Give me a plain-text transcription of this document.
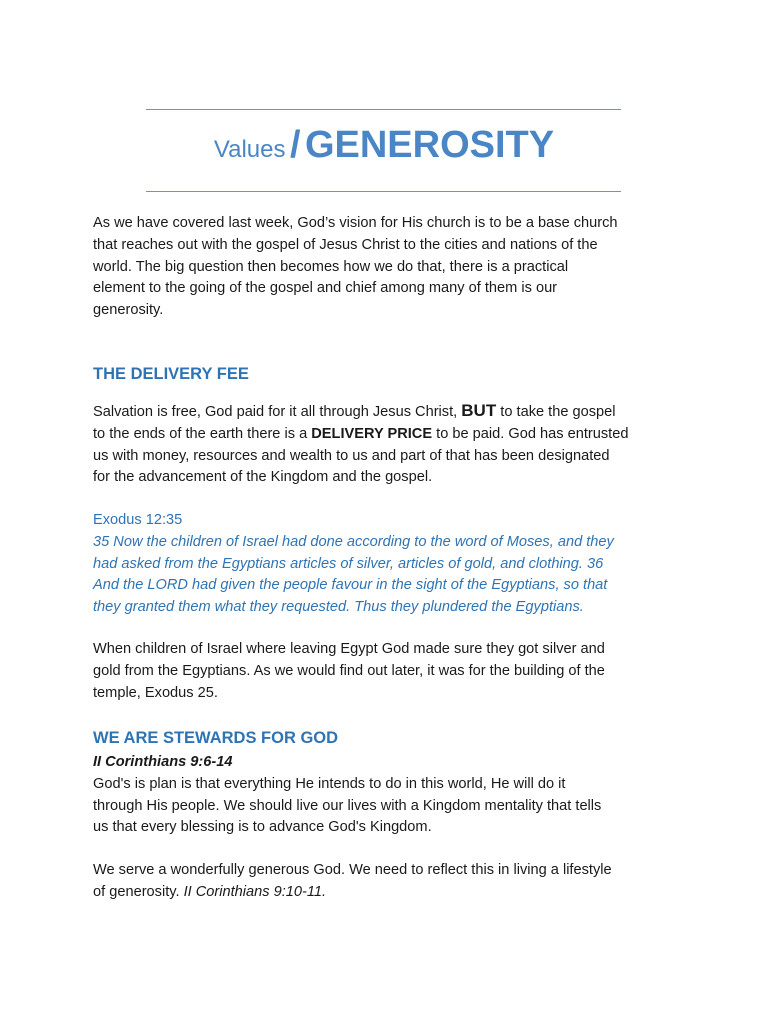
Values / GENEROSITY
As we have covered last week, God’s vision for His church is to be a base church
that reaches out with the gospel of Jesus Christ to the cities and nations of the
world. The big question then becomes how we do that, there is a practical
element to the going of the gospel and chief among many of them is our
generosity.
THE DELIVERY FEE
Salvation is free, God paid for it all through Jesus Christ, BUT to take the gospel
to the ends of the earth there is a DELIVERY PRICE to be paid. God has entrusted
us with money, resources and wealth to us and part of that has been designated
for the advancement of the Kingdom and the gospel.
Exodus 12:35
35 Now the children of Israel had done according to the word of Moses, and they
had asked from the Egyptians articles of silver, articles of gold, and clothing. 36
And the LORD had given the people favour in the sight of the Egyptians, so that
they granted them what they requested. Thus they plundered the Egyptians.
When children of Israel where leaving Egypt God made sure they got silver and
gold from the Egyptians. As we would find out later, it was for the building of the
temple, Exodus 25.
WE ARE STEWARDS FOR GOD
II Corinthians 9:6-14
God's is plan is that everything He intends to do in this world, He will do it
through His people. We should live our lives with a Kingdom mentality that tells
us that every blessing is to advance God's Kingdom.
We serve a wonderfully generous God. We need to reflect this in living a lifestyle
of generosity. II Corinthians 9:10-11.
